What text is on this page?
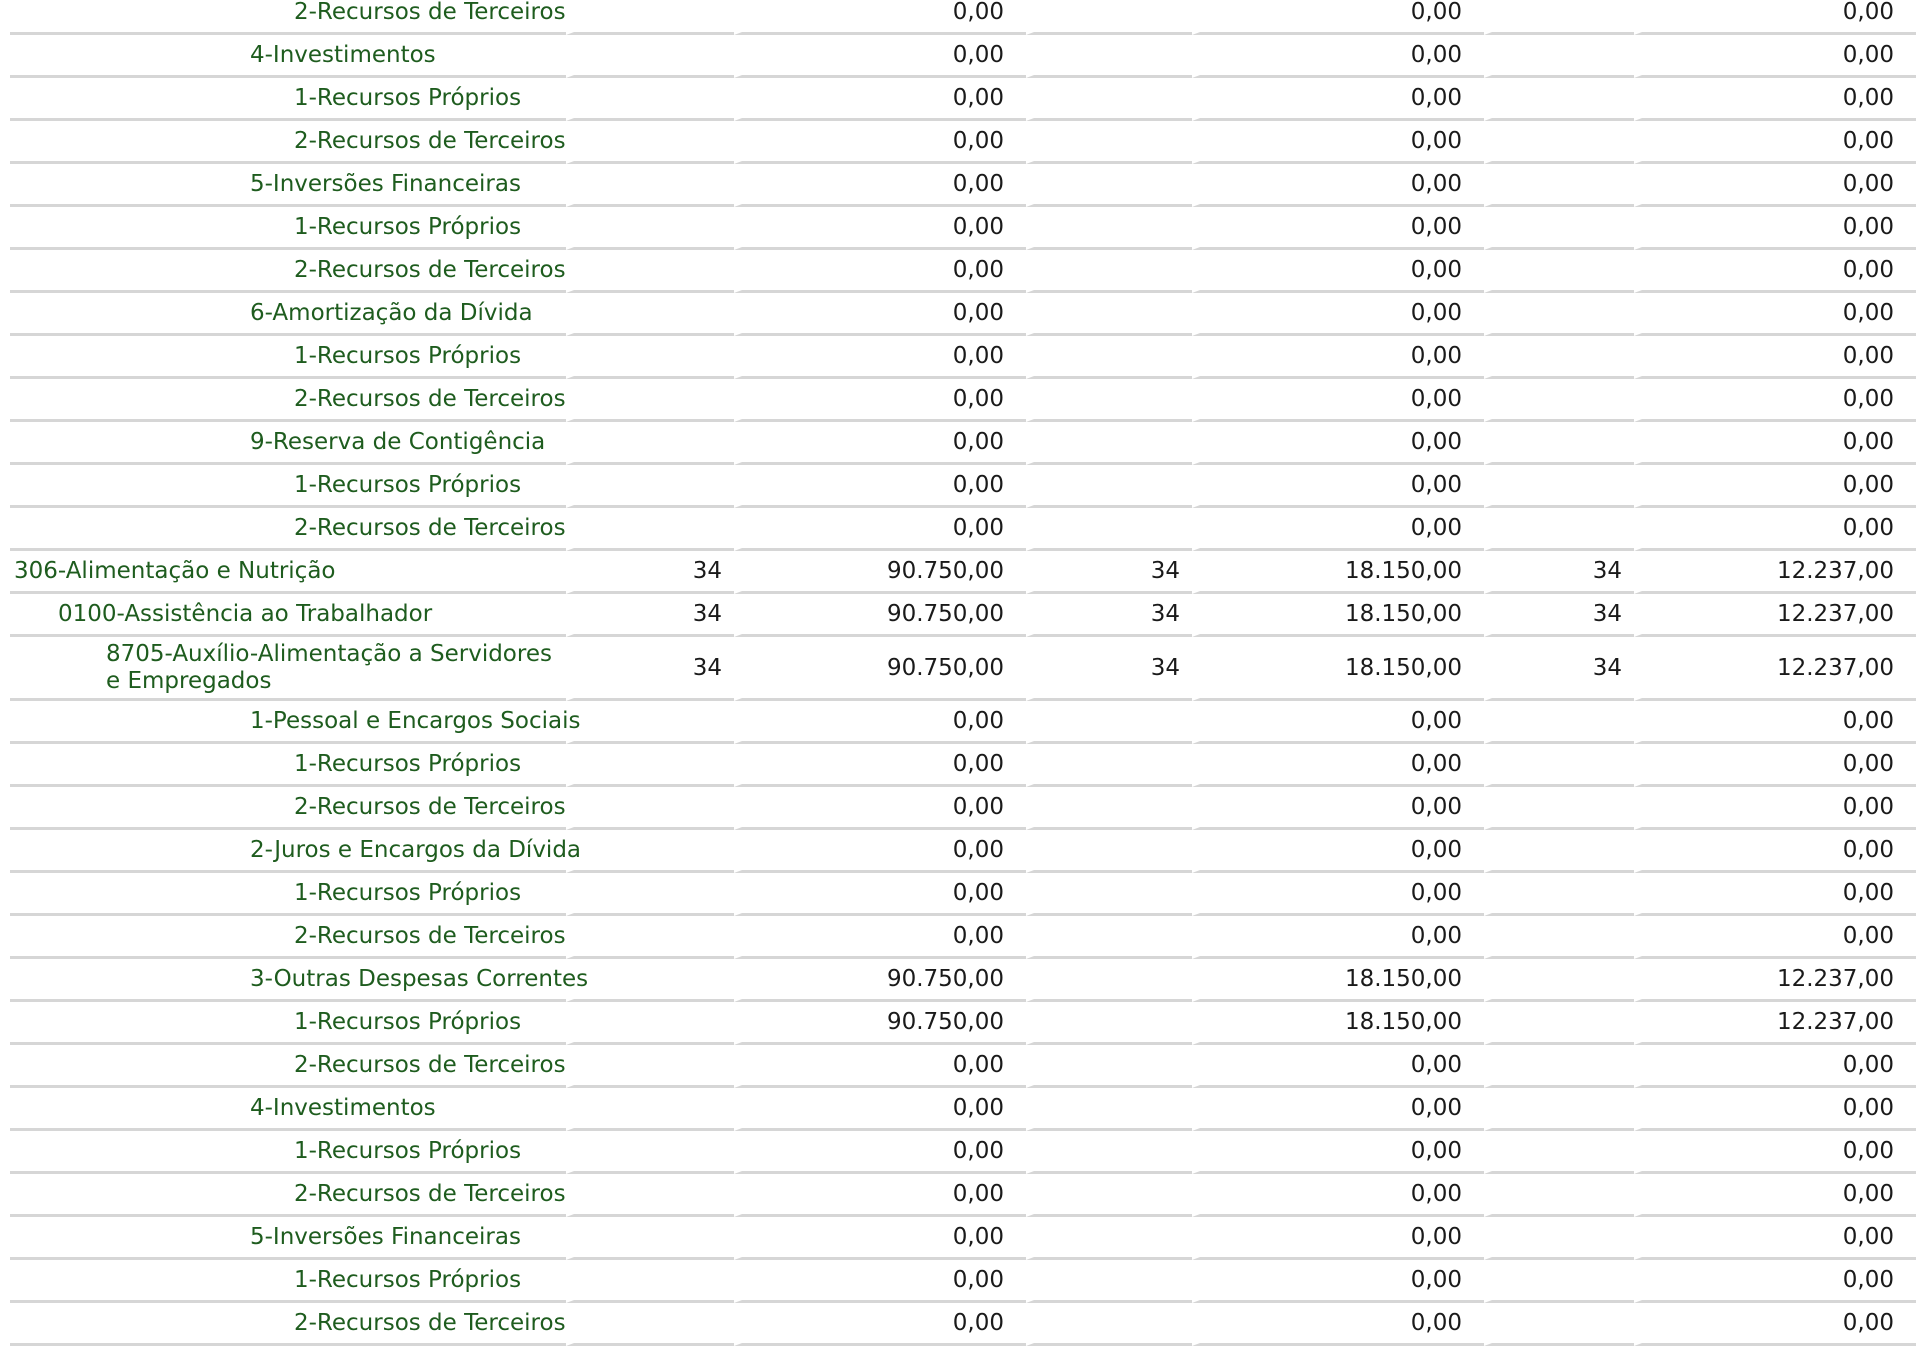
2-Recursos de Terceiros		0,00		0,00		0,00
4-Investimentos		0,00		0,00		0,00
1-Recursos Próprios		0,00		0,00		0,00
2-Recursos de Terceiros		0,00		0,00		0,00
5-Inversões Financeiras		0,00		0,00		0,00
1-Recursos Próprios		0,00		0,00		0,00
2-Recursos de Terceiros		0,00		0,00		0,00
6-Amortização da Dívida		0,00		0,00		0,00
1-Recursos Próprios		0,00		0,00		0,00
2-Recursos de Terceiros		0,00		0,00		0,00
9-Reserva de Contigência		0,00		0,00		0,00
1-Recursos Próprios		0,00		0,00		0,00
2-Recursos de Terceiros		0,00		0,00		0,00
306-Alimentação e Nutrição	34	90.750,00	34	18.150,00	34	12.237,00
0100-Assistência ao Trabalhador	34	90.750,00	34	18.150,00	34	12.237,00
8705-Auxílio-Alimentação a Servidores e Empregados	34	90.750,00	34	18.150,00	34	12.237,00
1-Pessoal e Encargos Sociais		0,00		0,00		0,00
1-Recursos Próprios		0,00		0,00		0,00
2-Recursos de Terceiros		0,00		0,00		0,00
2-Juros e Encargos da Dívida		0,00		0,00		0,00
1-Recursos Próprios		0,00		0,00		0,00
2-Recursos de Terceiros		0,00		0,00		0,00
3-Outras Despesas Correntes		90.750,00		18.150,00		12.237,00
1-Recursos Próprios		90.750,00		18.150,00		12.237,00
2-Recursos de Terceiros		0,00		0,00		0,00
4-Investimentos		0,00		0,00		0,00
1-Recursos Próprios		0,00		0,00		0,00
2-Recursos de Terceiros		0,00		0,00		0,00
5-Inversões Financeiras		0,00		0,00		0,00
1-Recursos Próprios		0,00		0,00		0,00
2-Recursos de Terceiros		0,00		0,00		0,00
